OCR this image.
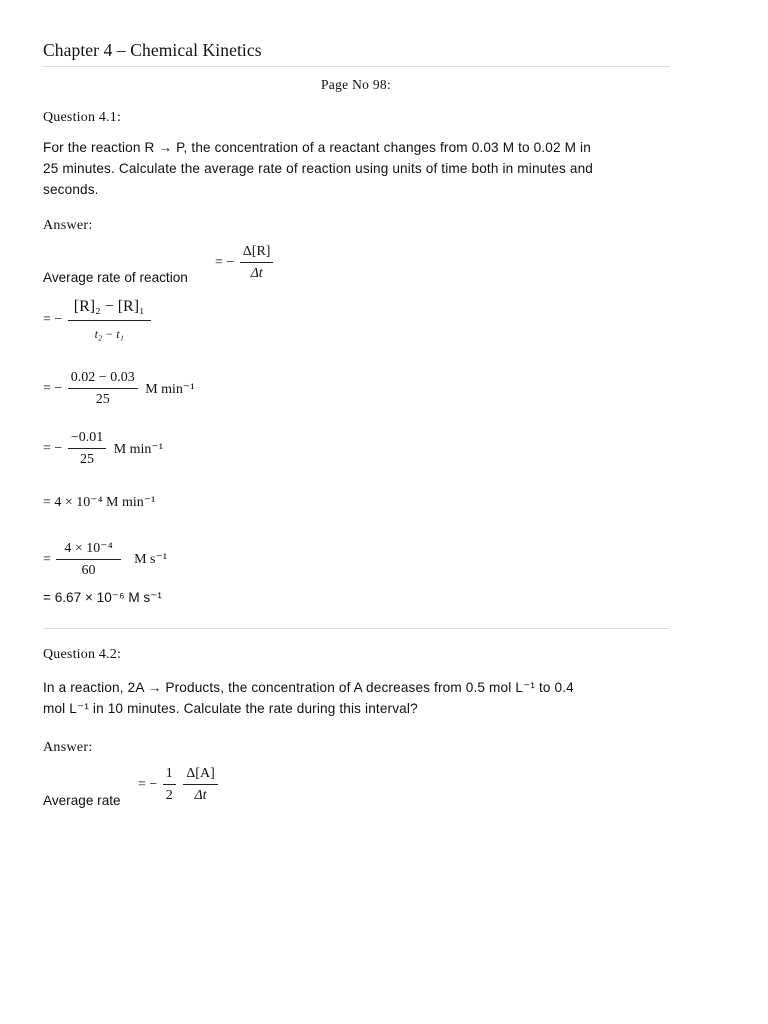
Chapter 4 – Chemical Kinetics
Page No 98:
Question 4.1:
For the reaction R → P, the concentration of a reactant changes from 0.03 M to 0.02 M in
25 minutes. Calculate the average rate of reaction using units of time both in minutes and
seconds.
Answer:
Average rate of reaction
= − $\frac{\Delta[R]}{\Delta t}$
= − $\frac{\text{[R]₂ − [R]₁}}{\text{t₂ − t₁}}$
= − $\frac{0.02 - 0.03}{25}$ M min⁻¹
= − $\frac{-0.01}{25}$ M min⁻¹
= 4 × 10⁻⁴ M min⁻¹
= $\frac{\text{4 × 10⁻⁴}}{60}$ M s⁻¹
= 6.67 × 10⁻⁶ M s⁻¹
Question 4.2:
In a reaction, 2A → Products, the concentration of A decreases from 0.5 mol L⁻¹ to 0.4
mol L⁻¹ in 10 minutes. Calculate the rate during this interval?
Answer:
Average rate
= − $\frac{1}{2}$
$\frac{\Delta[A]}{\Delta t}$
